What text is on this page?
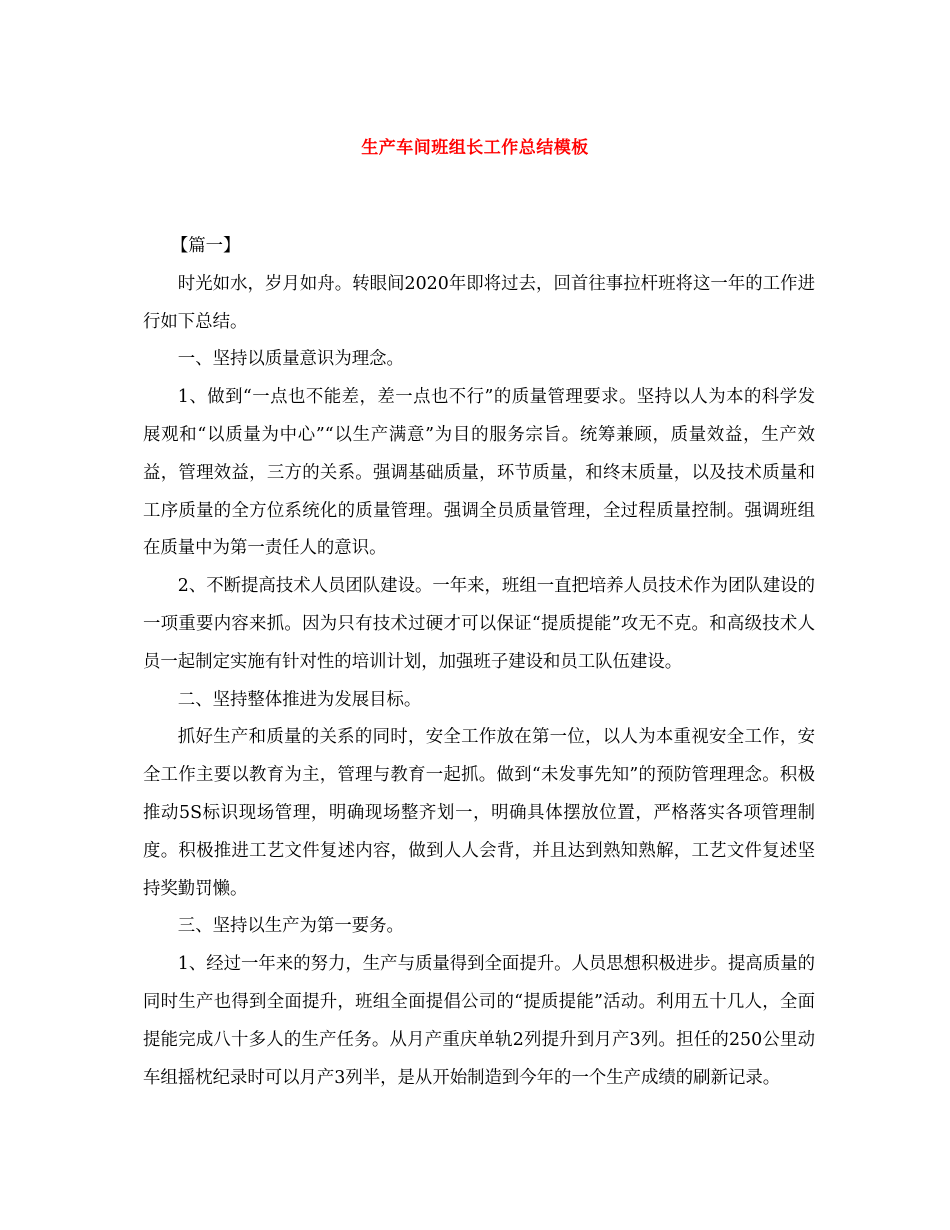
生产车间班组长工作总结模板

【篇一】

时光如水，岁月如舟。转眼间2020年即将过去，回首往事拉杆班将这一年的工作进行如下总结。

一、坚持以质量意识为理念。

1、做到“一点也不能差，差一点也不行”的质量管理要求。坚持以人为本的科学发展观和“以质量为中心”“以生产满意”为目的服务宗旨。统筹兼顾，质量效益，生产效益，管理效益，三方的关系。强调基础质量，环节质量，和终末质量，以及技术质量和工序质量的全方位系统化的质量管理。强调全员质量管理，全过程质量控制。强调班组在质量中为第一责任人的意识。

2、不断提高技术人员团队建设。一年来，班组一直把培养人员技术作为团队建设的一项重要内容来抓。因为只有技术过硬才可以保证“提质提能”攻无不克。和高级技术人员一起制定实施有针对性的培训计划，加强班子建设和员工队伍建设。

二、坚持整体推进为发展目标。

抓好生产和质量的关系的同时，安全工作放在第一位，以人为本重视安全工作，安全工作主要以教育为主，管理与教育一起抓。做到“未发事先知”的预防管理理念。积极推动5S标识现场管理，明确现场整齐划一，明确具体摆放位置，严格落实各项管理制度。积极推进工艺文件复述内容，做到人人会背，并且达到熟知熟解，工艺文件复述坚持奖勤罚懒。

三、坚持以生产为第一要务。

1、经过一年来的努力，生产与质量得到全面提升。人员思想积极进步。提高质量的同时生产也得到全面提升，班组全面提倡公司的“提质提能”活动。利用五十几人，全面提能完成八十多人的生产任务。从月产重庆单轨2列提升到月产3列。担任的250公里动车组摇枕纪录时可以月产3列半，是从开始制造到今年的一个生产成绩的刷新记录。
